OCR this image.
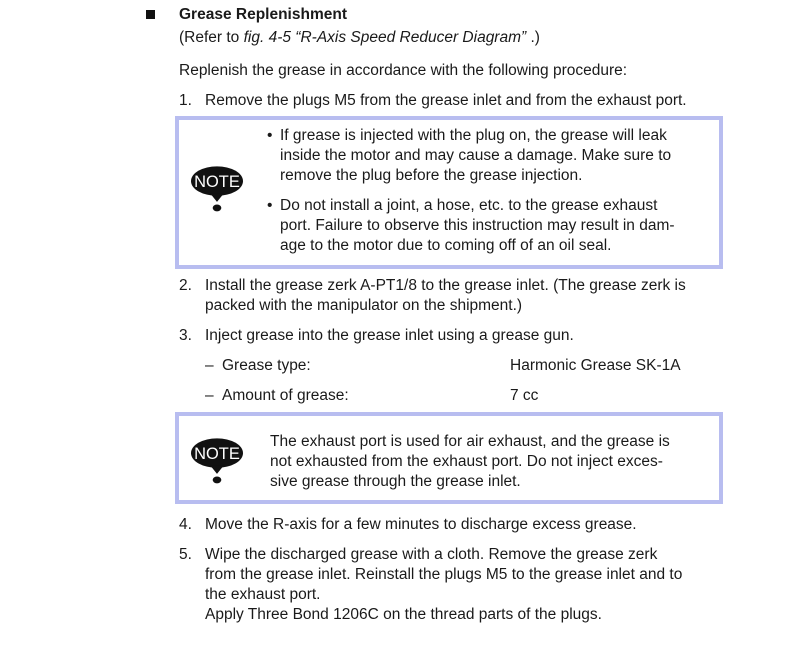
Grease Replenishment
(Refer to fig. 4-5 “R-Axis Speed Reducer Diagram” .)
Replenish the grease in accordance with the following procedure:
1. Remove the plugs M5 from the grease inlet and from the exhaust port.
NOTE
• If grease is injected with the plug on, the grease will leak
inside the motor and may cause a damage. Make sure to
remove the plug before the grease injection.
• Do not install a joint, a hose, etc. to the grease exhaust
port. Failure to observe this instruction may result in dam-
age to the motor due to coming off of an oil seal.
2. Install the grease zerk A-PT1/8 to the grease inlet. (The grease zerk is
packed with the manipulator on the shipment.)
3. Inject grease into the grease inlet using a grease gun.
– Grease type:	Harmonic Grease SK-1A
– Amount of grease:	7 cc
NOTE
The exhaust port is used for air exhaust, and the grease is
not exhausted from the exhaust port. Do not inject exces-
sive grease through the grease inlet.
4. Move the R-axis for a few minutes to discharge excess grease.
5. Wipe the discharged grease with a cloth. Remove the grease zerk
from the grease inlet. Reinstall the plugs M5 to the grease inlet and to
the exhaust port.
Apply Three Bond 1206C on the thread parts of the plugs.
